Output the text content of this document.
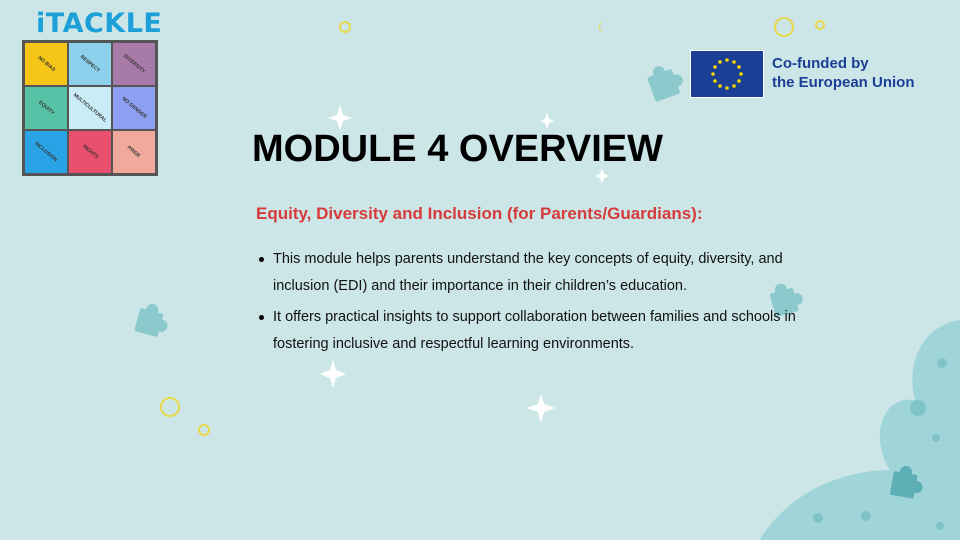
iTACKLE
NO BIAS	RESPECT	DIVERSITY
EQUITY	MULTICULTURAL	NO GENDER
INCLUSION	RIGHTS	PRIDE
Co-funded by
the European Union
MODULE 4 OVERVIEW
Equity, Diversity and Inclusion (for Parents/Guardians):
This module helps parents understand the key concepts of equity, diversity, and inclusion (EDI) and their importance in their children’s education.
It offers practical insights to support collaboration between families and schools in fostering inclusive and respectful learning environments.
